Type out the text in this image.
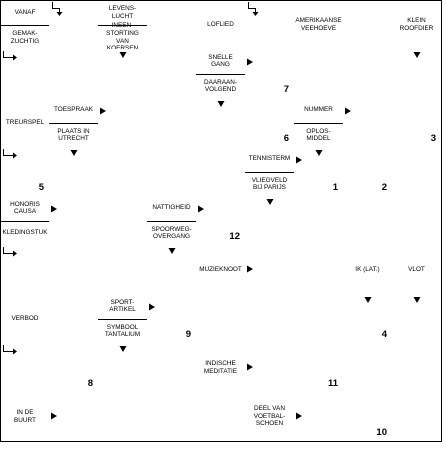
VANAF
GEMAK-
ZUCHTIG
LEVENS-
LUCHT
INEEN-
STORTING VAN

LOFLIED
AMERIKAANSE
VEEHOEVE
KLEIN
ROOFDIER
SNELLE GANG
DAARAAN-
VOLGEND	7
TREURSPEL
TOESPRAAK
PLAATS IN
UTRECHT	6
NUMMER
OPLOS-
MIDDEL	3
5
TENNISTERM
VLIEGVELD
BIJ PARIJS	1	2
HONORIS
CAUSA
KLEDINGSTUK
NATTIGHEID
SPOORWEG-
OVERGANG	12
MUZIEKNOOT	IK (LAT.)	VLOT
VERBOD
SPORT-
ARTIKEL
SYMBOOL
TANTALIUM	9	4
8
INDISCHE
MEDITATIE
11
IN DE
BUURT
DEEL VAN
VOETBAL-
SCHOEN
10
